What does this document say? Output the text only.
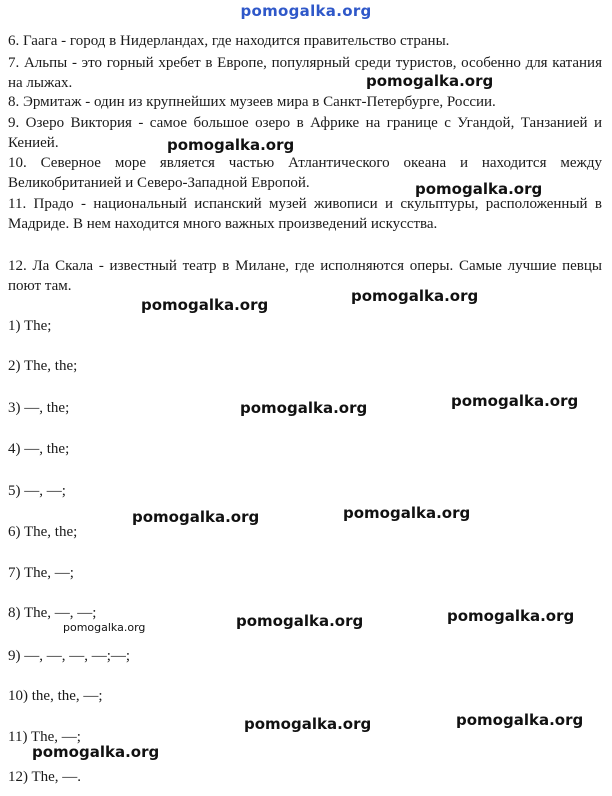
pomogalka.org
6. Гаага - город в Нидерландах, где находится правительство страны.
7. Альпы - это горный хребет в Европе, популярный среди туристов, особенно для катания на лыжах.
8. Эрмитаж - один из крупнейших музеев мира в Санкт-Петербурге, России.
9. Озеро Виктория - самое большое озеро в Африке на границе с Угандой, Танзанией и Кенией.
10. Северное море является частью Атлантического океана и находится между Великобританией и Северо-Западной Европой.
11. Прадо - национальный испанский музей живописи и скульптуры, расположенный в Мадриде. В нем находится много важных произведений искусства.
12. Ла Скала - известный театр в Милане, где исполняются оперы. Самые лучшие певцы поют там.
1) The;
2) The, the;
3) —, the;
4) —, the;
5) —, —;
6) The, the;
7) The, —;
8) The, —, —;
9) —, —, —, —;—;
10) the, the, —;
11) The, —;
12) The, —.
pomogalka.org
pomogalka.org
pomogalka.org
pomogalka.org
pomogalka.org
pomogalka.org
pomogalka.org
pomogalka.org
pomogalka.org
pomogalka.org
pomogalka.org
pomogalka.org
pomogalka.org
pomogalka.org
pomogalka.org
